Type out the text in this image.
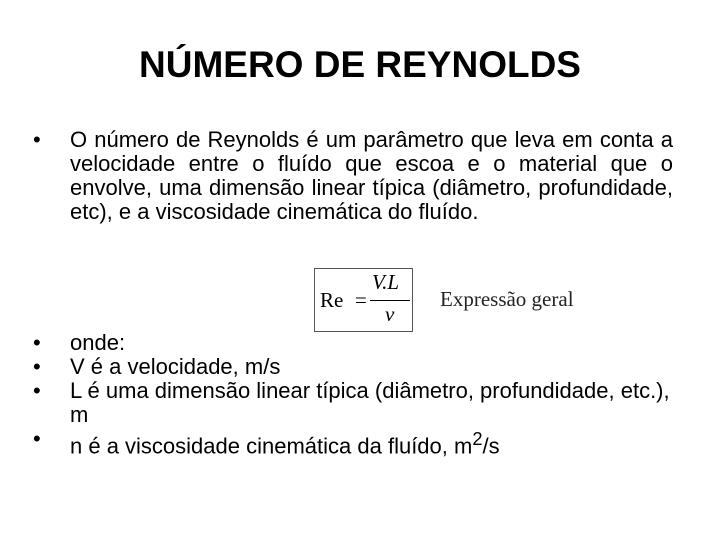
NÚMERO DE REYNOLDS
•	O número de Reynolds é um parâmetro que leva em conta a velocidade entre o fluído que escoa e o material que o envolve, uma dimensão linear típica (diâmetro, profundidade, etc), e a viscosidade cinemática do fluído.
Re =
V.L
ν
Expressão geral
•	onde:
•	V é a velocidade, m/s
•	L é uma dimensão linear típica (diâmetro, profundidade, etc.), m
•	n é a viscosidade cinemática da fluído, $m^2/s$
